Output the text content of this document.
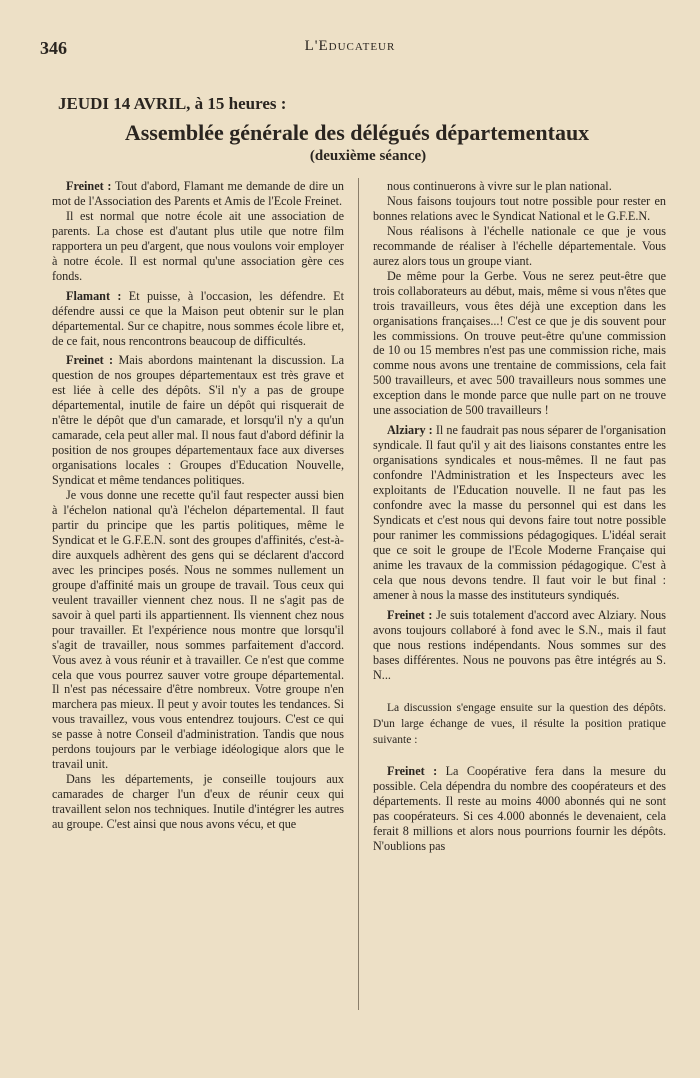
346	L'Educateur
JEUDI 14 AVRIL, à 15 heures :
Assemblée générale des délégués départementaux
(deuxième séance)

Freinet : Tout d'abord, Flamant me demande de dire un mot de l'Association des Parents et Amis de l'Ecole Freinet.

Il est normal que notre école ait une association de parents. La chose est d'autant plus utile que notre film rapportera un peu d'argent, que nous voulons voir employer à notre école. Il est normal qu'une association gère ces fonds.

Flamant : Et puisse, à l'occasion, les défendre. Et défendre aussi ce que la Maison peut obtenir sur le plan départemental. Sur ce chapitre, nous sommes école libre et, de ce fait, nous rencontrons beaucoup de difficultés.

Freinet : Mais abordons maintenant la discussion. La question de nos groupes départementaux est très grave et est liée à celle des dépôts. S'il n'y a pas de groupe départemental, inutile de faire un dépôt qui risquerait de n'être le dépôt que d'un camarade, et lorsqu'il n'y a qu'un camarade, cela peut aller mal. Il nous faut d'abord définir la position de nos groupes départementaux face aux diverses organisations locales : Groupes d'Education Nouvelle, Syndicat et même tendances politiques.

Je vous donne une recette qu'il faut respecter aussi bien à l'échelon national qu'à l'échelon départemental. Il faut partir du principe que les partis politiques, même le Syndicat et le G.F.E.N. sont des groupes d'affinités, c'est-à-dire auxquels adhèrent des gens qui se déclarent d'accord avec les principes posés. Nous ne sommes nullement un groupe d'affinité mais un groupe de travail. Tous ceux qui veulent travailler viennent chez nous. Il ne s'agit pas de savoir à quel parti ils appartiennent. Ils viennent chez nous pour travailler. Et l'expérience nous montre que lorsqu'il s'agit de travailler, nous sommes parfaitement d'accord. Vous avez à vous réunir et à travailler. Ce n'est que comme cela que vous pourrez sauver votre groupe départemental. Il n'est pas nécessaire d'être nombreux. Votre groupe n'en marchera pas mieux. Il peut y avoir toutes les tendances. Si vous travaillez, vous vous entendrez toujours. C'est ce qui se passe à notre Conseil d'administration. Tandis que nous perdons toujours par le verbiage idéologique alors que le travail unit.

Dans les départements, je conseille toujours aux camarades de charger l'un d'eux de réunir ceux qui travaillent selon nos techniques. Inutile d'intégrer les autres au groupe. C'est ainsi que nous avons vécu, et que

nous continuerons à vivre sur le plan national.

Nous faisons toujours tout notre possible pour rester en bonnes relations avec le Syndicat National et le G.F.E.N.

Nous réalisons à l'échelle nationale ce que je vous recommande de réaliser à l'échelle départementale. Vous aurez alors tous un groupe viant.

De même pour la Gerbe. Vous ne serez peut-être que trois collaborateurs au début, mais, même si vous n'êtes que trois travailleurs, vous êtes déjà une exception dans les organisations françaises...! C'est ce que je dis souvent pour les commissions. On trouve peut-être qu'une commission de 10 ou 15 membres n'est pas une commission riche, mais comme nous avons une trentaine de commissions, cela fait 500 travailleurs, et avec 500 travailleurs nous sommes une exception dans le monde parce que nulle part on ne trouve une association de 500 travailleurs !

Alziary : Il ne faudrait pas nous séparer de l'organisation syndicale. Il faut qu'il y ait des liaisons constantes entre les organisations syndicales et nous-mêmes. Il ne faut pas confondre l'Administration et les Inspecteurs avec les exploitants de l'Education nouvelle. Il ne faut pas les confondre avec la masse du personnel qui est dans les Syndicats et c'est nous qui devons faire tout notre possible pour ranimer les commissions pédagogiques. L'idéal serait que ce soit le groupe de l'Ecole Moderne Française qui anime les travaux de la commission pédagogique. C'est à cela que nous devons tendre. Il faut voir le but final : amener à nous la masse des instituteurs syndiqués.

Freinet : Je suis totalement d'accord avec Alziary. Nous avons toujours collaboré à fond avec le S.N., mais il faut que nous restions indépendants. Nous sommes sur des bases différentes. Nous ne pouvons pas être intégrés au S. N...

La discussion s'engage ensuite sur la question des dépôts. D'un large échange de vues, il résulte la position pratique suivante :

Freinet : La Coopérative fera dans la mesure du possible. Cela dépendra du nombre des coopérateurs et des départements. Il reste au moins 4000 abonnés qui ne sont pas coopérateurs. Si ces 4.000 abonnés le devenaient, cela ferait 8 millions et alors nous pourrions fournir les dépôts. N'oublions pas
